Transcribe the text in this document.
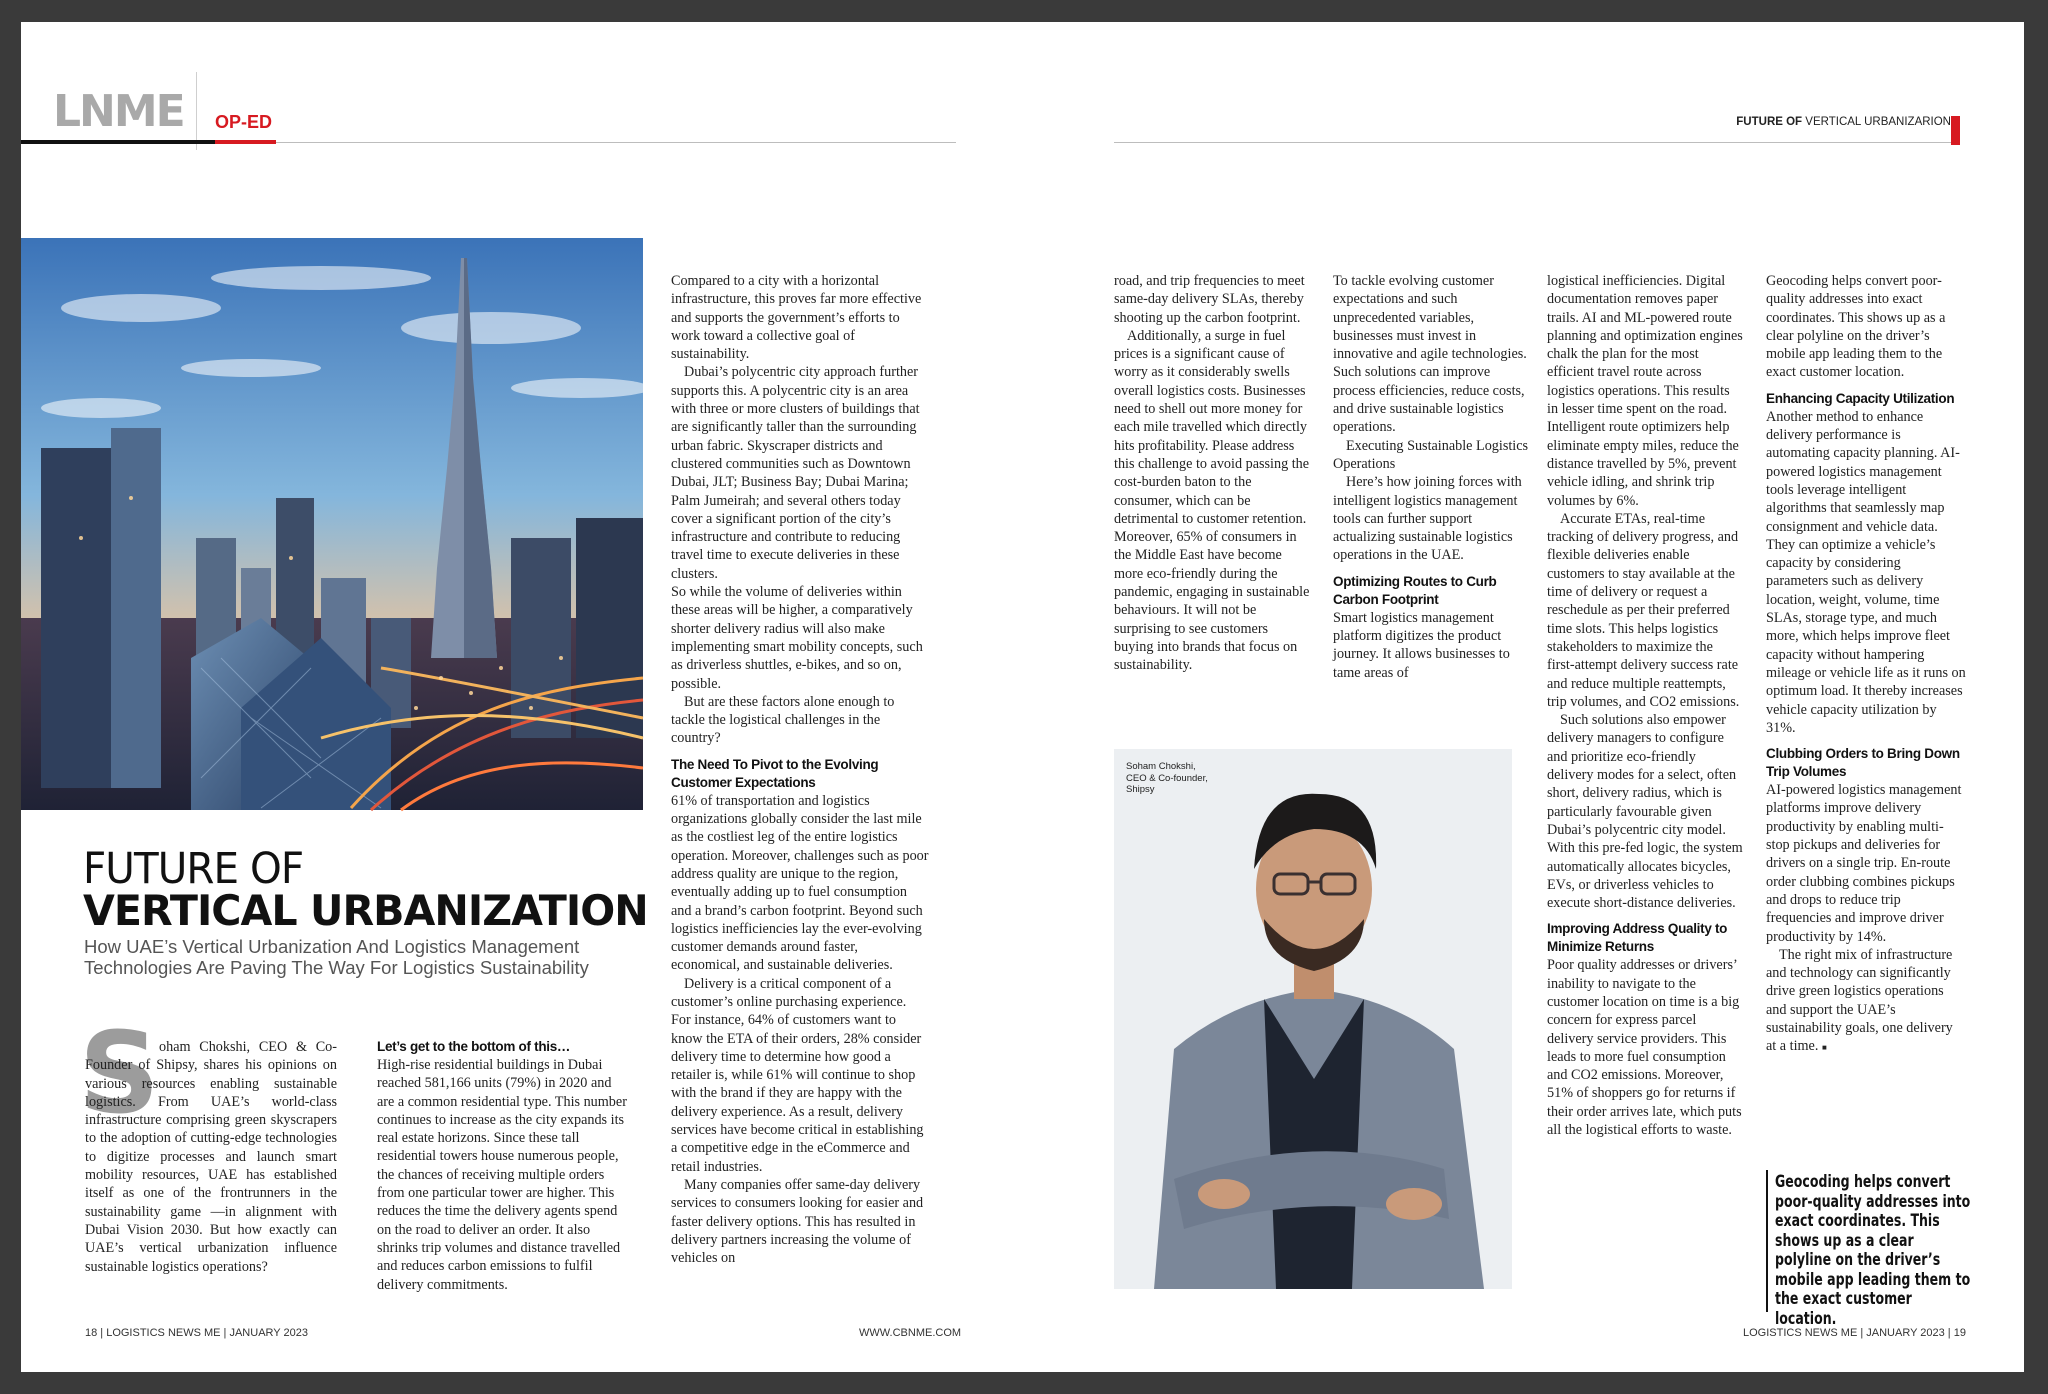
LNME OP-ED
FUTURE OF
VERTICAL URBANIZATION
How UAE’s Vertical Urbanization And Logistics Management Technologies Are Paving The Way For Logistics Sustainability
S oham Chokshi, CEO & Co-Founder of Shipsy, shares his opinions on various resources enabling sustainable logistics. From UAE’s world-class infrastructure comprising green skyscrapers to the adoption of cutting-edge technologies to digitize processes and launch smart mobility resources, UAE has established itself as one of the frontrunners in the sustainability game —in alignment with Dubai Vision 2030. But how exactly can UAE’s vertical urbanization influence sustainable logistics operations?
Let’s get to the bottom of this…

High-rise residential buildings in Dubai reached 581,166 units (79%) in 2020 and are a common residential type. This number continues to increase as the city expands its real estate horizons. Since these tall residential towers house numerous people, the chances of receiving multiple orders from one particular tower are higher. This reduces the time the delivery agents spend on the road to deliver an order. It also shrinks trip volumes and distance travelled and reduces carbon emissions to fulfil delivery commitments.

Compared to a city with a horizontal infrastructure, this proves far more effective and supports the government’s efforts to work toward a collective goal of sustainability.

Dubai’s polycentric city approach further supports this. A polycentric city is an area with three or more clusters of buildings that are significantly taller than the surrounding urban fabric. Skyscraper districts and clustered communities such as Downtown Dubai, JLT; Business Bay; Dubai Marina; Palm Jumeirah; and several others today cover a significant portion of the city’s infrastructure and contribute to reducing travel time to execute deliveries in these clusters.

So while the volume of deliveries within these areas will be higher, a comparatively shorter delivery radius will also make implementing smart mobility concepts, such as driverless shuttles, e-bikes, and so on, possible.

But are these factors alone enough to tackle the logistical challenges in the country?

The Need To Pivot to the Evolving Customer Expectations

61% of transportation and logistics organizations globally consider the last mile as the costliest leg of the entire logistics operation. Moreover, challenges such as poor address quality are unique to the region, eventually adding up to fuel consumption and a brand’s carbon footprint. Beyond such logistics inefficiencies lay the ever-evolving customer demands around faster, economical, and sustainable deliveries.

Delivery is a critical component of a customer’s online purchasing experience. For instance, 64% of customers want to know the ETA of their orders, 28% consider delivery time to determine how good a retailer is, while 61% will continue to shop with the brand if they are happy with the delivery experience. As a result, delivery services have become critical in establishing a competitive edge in the eCommerce and retail industries.

Many companies offer same-day delivery services to consumers looking for easier and faster delivery options. This has resulted in delivery partners increasing the volume of vehicles on

18 | LOGISTICS NEWS ME | JANUARY 2023	WWW.CBNME.COM
FUTURE OF VERTICAL URBANIZARION

road, and trip frequencies to meet same-day delivery SLAs, thereby shooting up the carbon footprint.

Additionally, a surge in fuel prices is a significant cause of worry as it considerably swells overall logistics costs. Businesses need to shell out more money for each mile travelled which directly hits profitability. Please address this challenge to avoid passing the cost-burden baton to the consumer, which can be detrimental to customer retention. Moreover, 65% of consumers in the Middle East have become more eco-friendly during the pandemic, engaging in sustainable behaviours. It will not be surprising to see customers buying into brands that focus on sustainability.

To tackle evolving customer expectations and such unprecedented variables, businesses must invest in innovative and agile technologies. Such solutions can improve process efficiencies, reduce costs, and drive sustainable logistics operations.

Executing Sustainable Logistics Operations

Here’s how joining forces with intelligent logistics management tools can further support actualizing sustainable logistics operations in the UAE.

Optimizing Routes to Curb Carbon Footprint

Smart logistics management platform digitizes the product journey. It allows businesses to tame areas of

Soham Chokshi,
CEO & Co-founder,
Shipsy

logistical inefficiencies. Digital documentation removes paper trails. AI and ML-powered route planning and optimization engines chalk the plan for the most efficient travel route across logistics operations. This results in lesser time spent on the road. Intelligent route optimizers help eliminate empty miles, reduce the distance travelled by 5%, prevent vehicle idling, and shrink trip volumes by 6%.

Accurate ETAs, real-time tracking of delivery progress, and flexible deliveries enable customers to stay available at the time of delivery or request a reschedule as per their preferred time slots. This helps logistics stakeholders to maximize the first-attempt delivery success rate and reduce multiple reattempts, trip volumes, and CO2 emissions.

Such solutions also empower delivery managers to configure and prioritize eco-friendly delivery modes for a select, often short, delivery radius, which is particularly favourable given Dubai’s polycentric city model. With this pre-fed logic, the system automatically allocates bicycles, EVs, or driverless vehicles to execute short-distance deliveries.

Improving Address Quality to Minimize Returns

Poor quality addresses or drivers’ inability to navigate to the customer location on time is a big concern for express parcel delivery service providers. This leads to more fuel consumption and CO2 emissions. Moreover, 51% of shoppers go for returns if their order arrives late, which puts all the logistical efforts to waste.

Geocoding helps convert poor-quality addresses into exact coordinates. This shows up as a clear polyline on the driver’s mobile app leading them to the exact customer location.

Enhancing Capacity Utilization

Another method to enhance delivery performance is automating capacity planning. AI-powered logistics management tools leverage intelligent algorithms that seamlessly map consignment and vehicle data. They can optimize a vehicle’s capacity by considering parameters such as delivery location, weight, volume, time SLAs, storage type, and much more, which helps improve fleet capacity without hampering mileage or vehicle life as it runs on optimum load. It thereby increases vehicle capacity utilization by 31%.

Clubbing Orders to Bring Down Trip Volumes

AI-powered logistics management platforms improve delivery productivity by enabling multi-stop pickups and deliveries for drivers on a single trip. En-route order clubbing combines pickups and drops to reduce trip frequencies and improve driver productivity by 14%.

The right mix of infrastructure and technology can significantly drive green logistics operations and support the UAE’s sustainability goals, one delivery at a time. ■

Geocoding helps convert poor-quality addresses into exact coordinates. This shows up as a clear polyline on the driver’s mobile app leading them to the exact customer location.
LOGISTICS NEWS ME | JANUARY 2023 | 19
